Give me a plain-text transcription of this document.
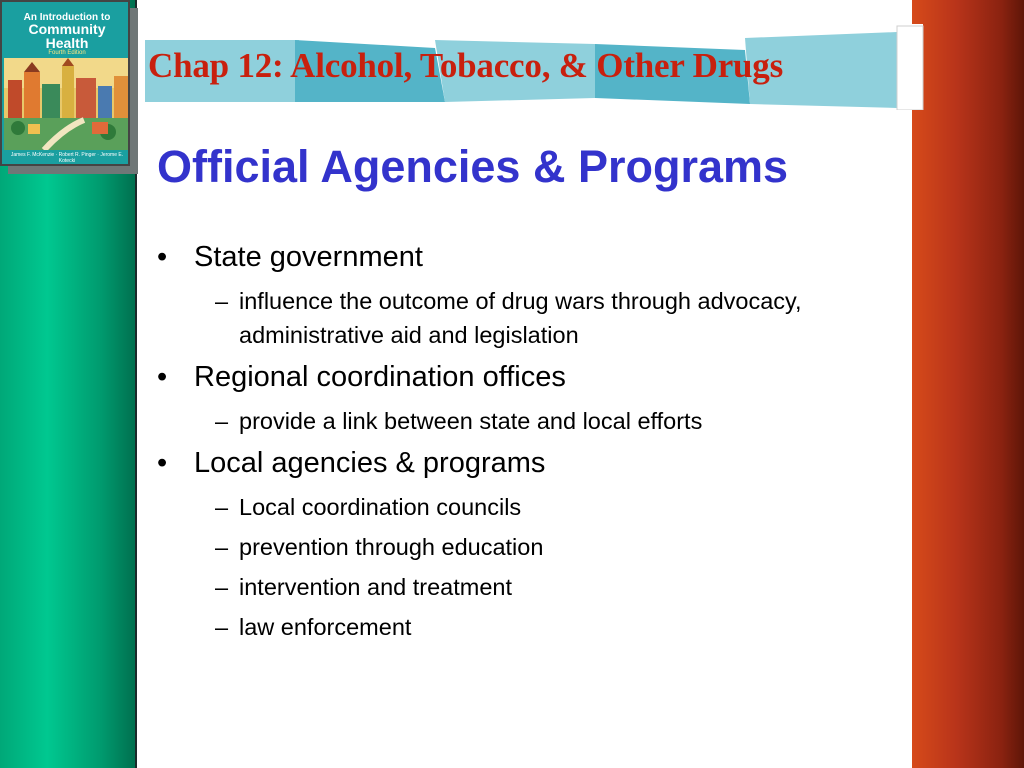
An Introduction to
Community
Health
Fourth Edition
James F. McKenzie · Robert R. Pinger · Jerome E. Kotecki
Chap 12: Alcohol, Tobacco, & Other Drugs
Official Agencies & Programs
• State government
– influence the outcome of drug wars through advocacy, administrative aid and legislation
• Regional coordination offices
– provide a link between state and local efforts
• Local agencies & programs
– Local coordination councils
– prevention through education
– intervention and treatment
– law enforcement
